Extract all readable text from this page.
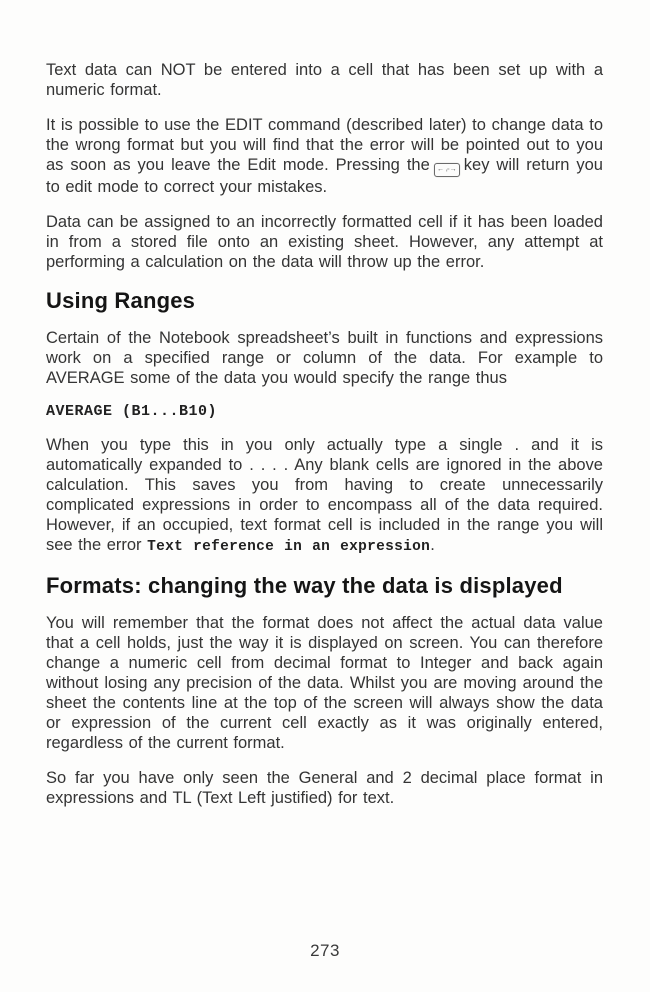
Text data can NOT be entered into a cell that has been set up with a numeric format.

It is possible to use the EDIT command (described later) to change data to the wrong format but you will find that the error will be pointed out to you as soon as you leave the Edit mode. Pressing the ←⌌→ key will return you to edit mode to correct your mistakes.

Data can be assigned to an incorrectly formatted cell if it has been loaded in from a stored file onto an existing sheet. However, any attempt at performing a calculation on the data will throw up the error.

Using Ranges

Certain of the Notebook spreadsheet’s built in functions and expressions work on a specified range or column of the data. For example to AVERAGE some of the data you would specify the range thus

AVERAGE (B1...B10)

When you type this in you only actually type a single . and it is automatically expanded to . . . . Any blank cells are ignored in the above calculation. This saves you from having to create unnecessarily complicated expressions in order to encompass all of the data required. However, if an occupied, text format cell is included in the range you will see the error Text reference in an expression.

Formats: changing the way the data is displayed

You will remember that the format does not affect the actual data value that a cell holds, just the way it is displayed on screen. You can therefore change a numeric cell from decimal format to Integer and back again without losing any precision of the data. Whilst you are moving around the sheet the contents line at the top of the screen will always show the data or expression of the current cell exactly as it was originally entered, regardless of the current format.

So far you have only seen the General and 2 decimal place format in expressions and TL (Text Left justified) for text.

273
